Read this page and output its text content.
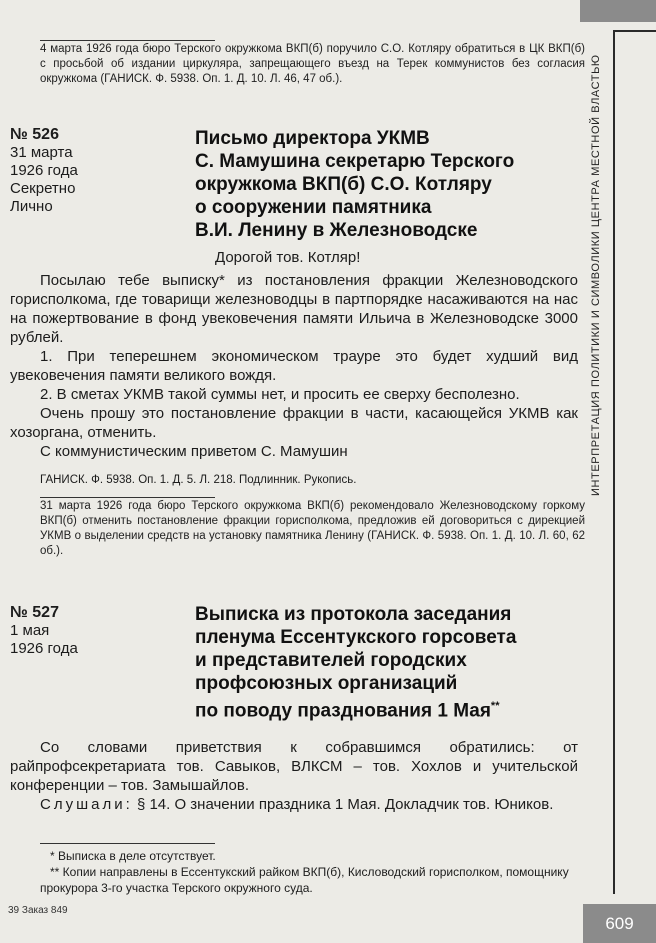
ИНТЕРПРЕТАЦИЯ ПОЛИТИКИ И СИМВОЛИКИ ЦЕНТРА МЕСТНОЙ ВЛАСТЬЮ
4 марта 1926 года бюро Терского окружкома ВКП(б) поручило С.О. Котляру обратиться в ЦК ВКП(б) с просьбой об издании циркуляра, запрещающего въезд на Терек коммунистов без согласия окружкома (ГАНИСК. Ф. 5938. Оп. 1. Д. 10. Л. 46, 47 об.).
№ 526
31 марта
1926 года
Секретно
Лично
Письмо директора УКМВ
С. Мамушина секретарю Терского
окружкома ВКП(б) С.О. Котляру
о сооружении памятника
В.И. Ленину в Железноводске
Дорогой тов. Котляр!

Посылаю тебе выписку* из постановления фракции Железноводского горисполкома, где товарищи железноводцы в партпорядке насаживаются на нас на пожертвование в фонд увековечения памяти Ильича в Железноводске 3000 рублей.

1. При теперешнем экономическом трауре это будет худший вид увековечения памяти великого вождя.

2. В сметах УКМВ такой суммы нет, и просить ее сверху бесполезно.

Очень прошу это постановление фракции в части, касающейся УКМВ как хозоргана, отменить.

С коммунистическим приветом С. Мамушин

ГАНИСК. Ф. 5938. Оп. 1. Д. 5. Л. 218. Подлинник. Рукопись.
31 марта 1926 года бюро Терского окружкома ВКП(б) рекомендовало Железноводскому горкому ВКП(б) отменить постановление фракции горисполкома, предложив ей договориться с дирекцией УКМВ о выделении средств на установку памятника Ленину (ГАНИСК. Ф. 5938. Оп. 1. Д. 10. Л. 60, 62 об.).
№ 527
1 мая
1926 года
Выписка из протокола заседания
пленума Ессентукского горсовета
и представителей городских
профсоюзных организаций
по поводу празднования 1 Мая**

Со словами приветствия к собравшимся обратились: от райпрофсекретариата тов. Савыков, ВЛКСМ – тов. Хохлов и учительской конференции – тов. Замышайлов.

Слушали: § 14. О значении праздника 1 Мая. Докладчик тов. Юников.

* Выписка в деле отсутствует.

** Копии направлены в Ессентукский райком ВКП(б), Кисловодский горисполком, помощнику прокурора 3-го участка Терского окружного суда.

39 Заказ 849
609
